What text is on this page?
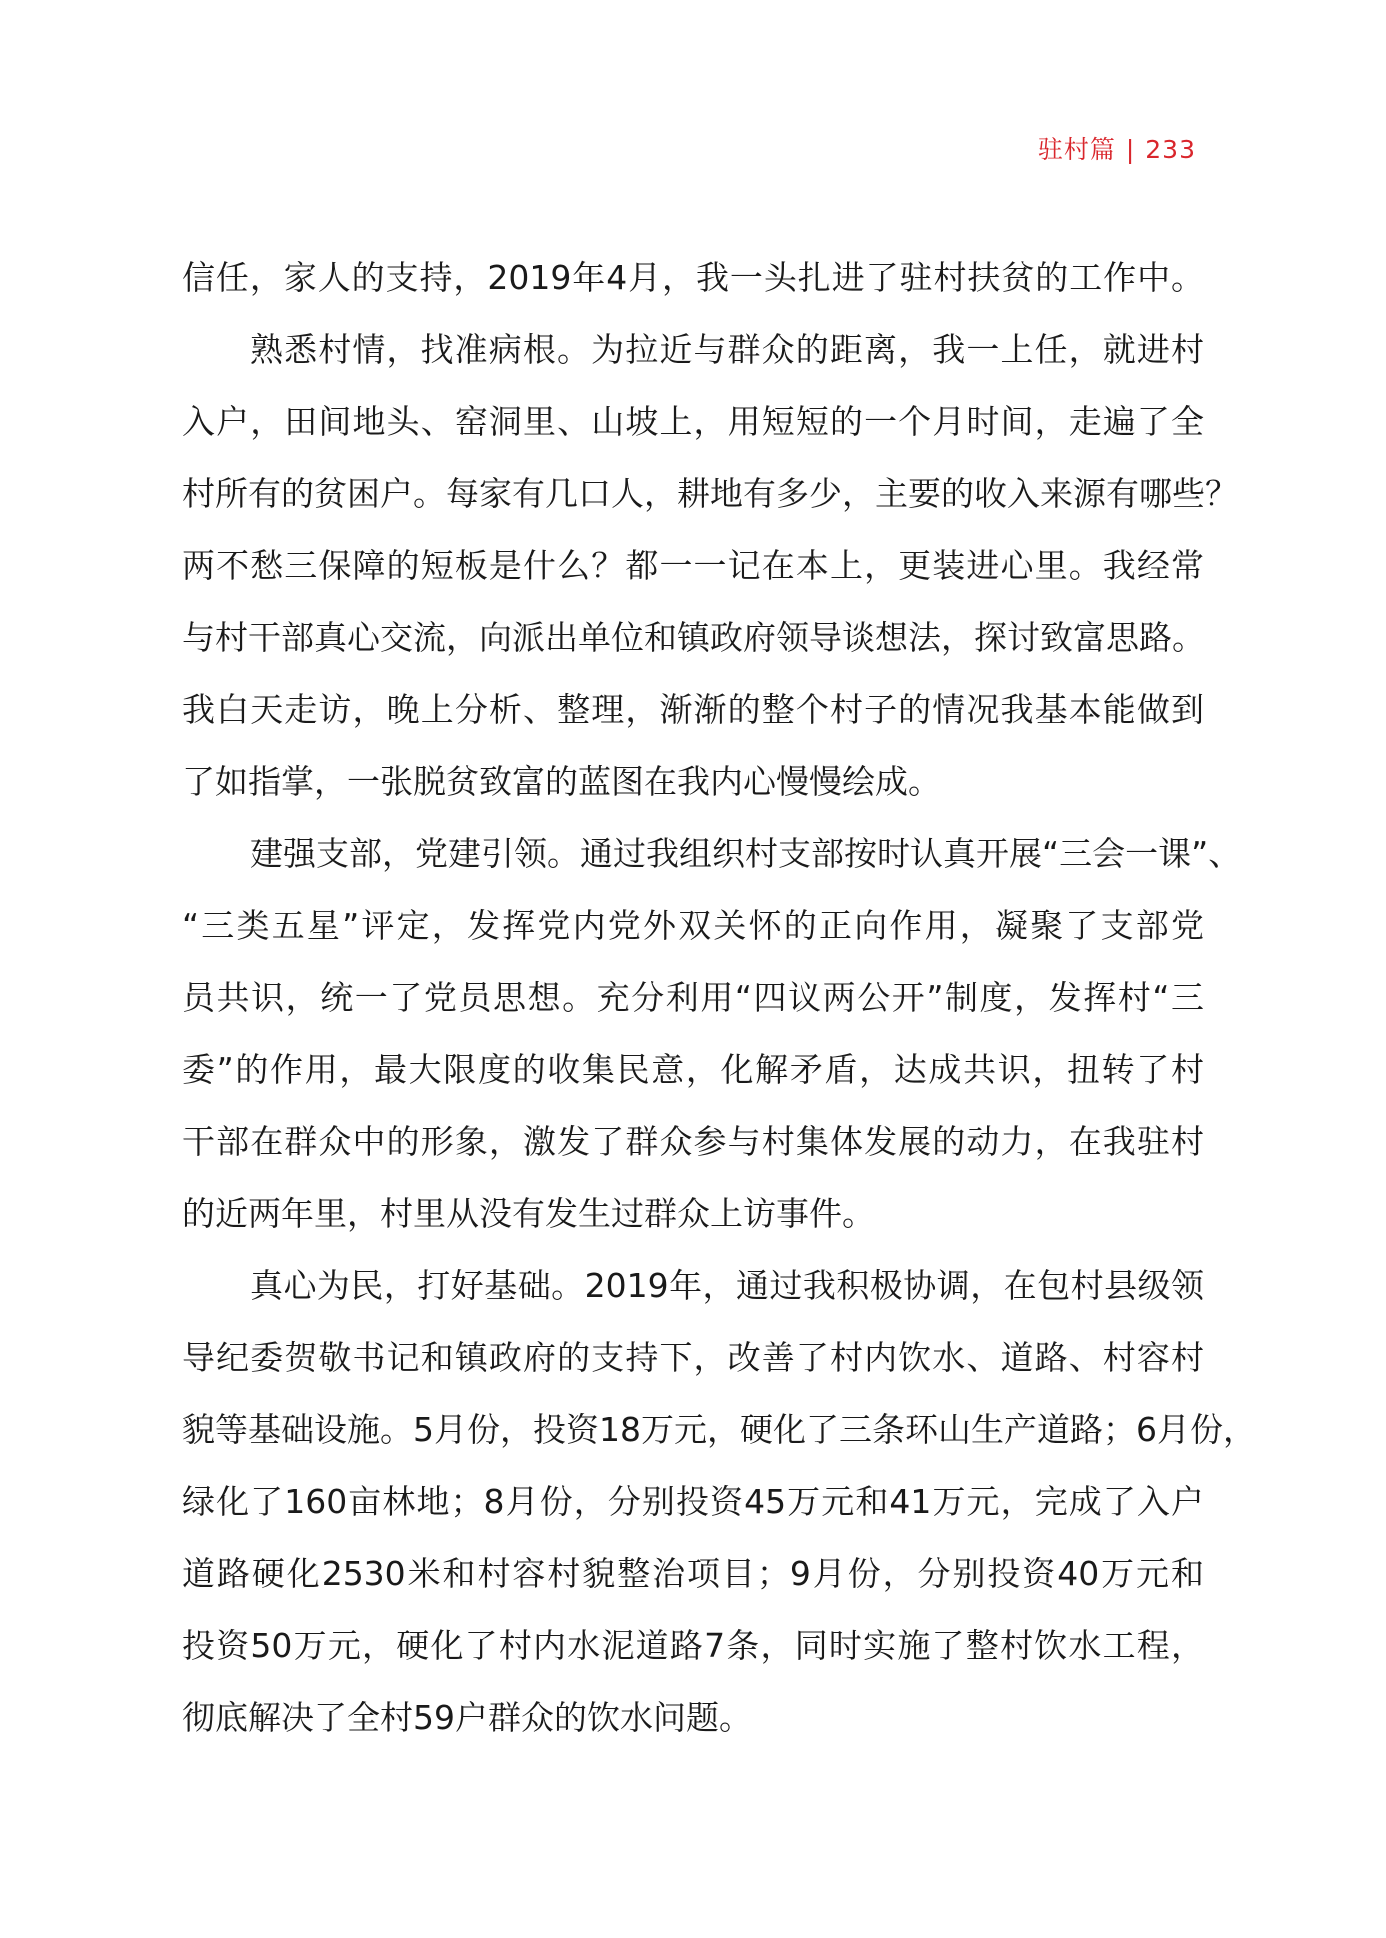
驻村篇 | 233
信任，家人的支持，2019年4月，我一头扎进了驻村扶贫的工作中。
熟悉村情，找准病根。为拉近与群众的距离，我一上任，就进村
入户，田间地头、窑洞里、山坡上，用短短的一个月时间，走遍了全
村所有的贫困户。每家有几口人，耕地有多少，主要的收入来源有哪些？
两不愁三保障的短板是什么？都一一记在本上，更装进心里。我经常
与村干部真心交流，向派出单位和镇政府领导谈想法，探讨致富思路。
我白天走访，晚上分析、整理，渐渐的整个村子的情况我基本能做到
了如指掌，一张脱贫致富的蓝图在我内心慢慢绘成。
建强支部，党建引领。通过我组织村支部按时认真开展“三会一课”、
“三类五星”评定，发挥党内党外双关怀的正向作用，凝聚了支部党
员共识，统一了党员思想。充分利用“四议两公开”制度，发挥村“三
委”的作用，最大限度的收集民意，化解矛盾，达成共识，扭转了村
干部在群众中的形象，激发了群众参与村集体发展的动力，在我驻村
的近两年里，村里从没有发生过群众上访事件。
真心为民，打好基础。2019年，通过我积极协调，在包村县级领
导纪委贺敬书记和镇政府的支持下，改善了村内饮水、道路、村容村
貌等基础设施。5月份，投资18万元，硬化了三条环山生产道路；6月份，
绿化了160亩林地；8月份，分别投资45万元和41万元，完成了入户
道路硬化2530米和村容村貌整治项目；9月份，分别投资40万元和
投资50万元，硬化了村内水泥道路7条，同时实施了整村饮水工程，
彻底解决了全村59户群众的饮水问题。
